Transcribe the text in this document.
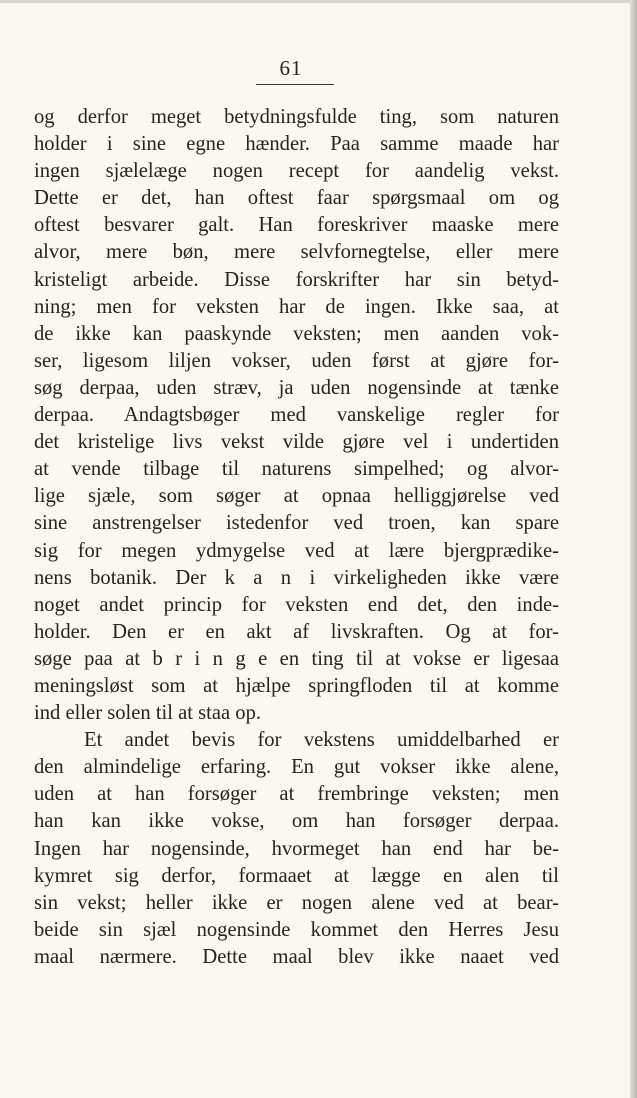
61
og derfor meget betydningsfulde ting, som naturen
holder i sine egne hænder. Paa samme maade har
ingen sjælelæge nogen recept for aandelig vekst.
Dette er det, han oftest faar spørgsmaal om og
oftest besvarer galt. Han foreskriver maaske mere
alvor, mere bøn, mere selvfornegtelse, eller mere
kristeligt arbeide. Disse forskrifter har sin betyd-
ning; men for veksten har de ingen. Ikke saa, at
de ikke kan paaskynde veksten; men aanden vok-
ser, ligesom liljen vokser, uden først at gjøre for-
søg derpaa, uden stræv, ja uden nogensinde at tænke
derpaa. Andagtsbøger med vanskelige regler for
det kristelige livs vekst vilde gjøre vel i undertiden
at vende tilbage til naturens simpelhed; og alvor-
lige sjæle, som søger at opnaa helliggjørelse ved
sine anstrengelser istedenfor ved troen, kan spare
sig for megen ydmygelse ved at lære bjergprædike-
nens botanik. Der k a n i virkeligheden ikke være
noget andet princip for veksten end det, den inde-
holder. Den er en akt af livskraften. Og at for-
søge paa at b r i n g e en ting til at vokse er ligesaa
meningsløst som at hjælpe springfloden til at komme
ind eller solen til at staa op.
Et andet bevis for vekstens umiddelbarhed er
den almindelige erfaring. En gut vokser ikke alene,
uden at han forsøger at frembringe veksten; men
han kan ikke vokse, om han forsøger derpaa.
Ingen har nogensinde, hvormeget han end har be-
kymret sig derfor, formaaet at lægge en alen til
sin vekst; heller ikke er nogen alene ved at bear-
beide sin sjæl nogensinde kommet den Herres Jesu
maal nærmere. Dette maal blev ikke naaet ved
